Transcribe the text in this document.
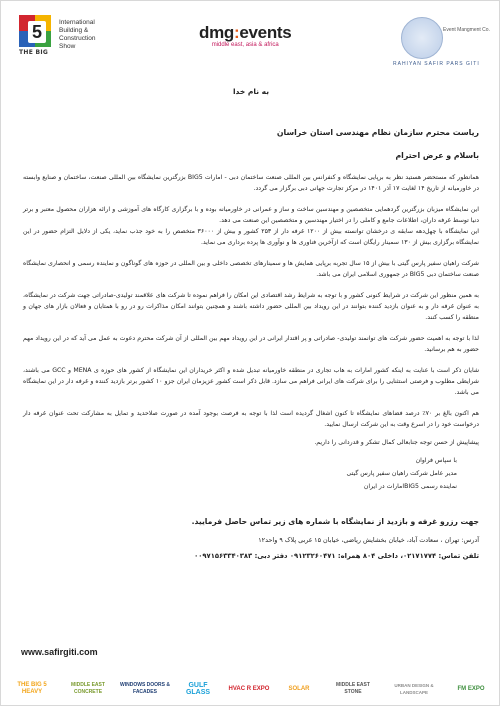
5
THE BIG
International
Building &
Construction
Show
dmg:events
middle east, asia & africa
Event Mangment Co.
RAHIYAN SAFIR PARS GITI
به نام خدا
ریاست محترم سازمان نظام مهندسی استان خراسان
باسلام و عرض احترام

همانطور که مستحضر هستید نظر به برپایی نمایشگاه و کنفرانس بین المللی صنعت ساختمان دبی - امارات BIG5 بزرگترین نمایشگاه بین المللی صنعت، ساختمان و صنایع وابسته در خاورمیانه از تاریخ ۱۴ لغایت ۱۷ آذر ۱۴۰۱ در مرکز تجارت جهانی دبی برگزار می گردد.

این نمایشگاه میزبان بزرگترین گردهمایی متخصصین و مهندسین ساخت و ساز و عمرانی در خاورمیانه بوده و با برگزاری کارگاه های آموزشی و ارائه هزاران محصول معتبر و برتر دنیا توسط غرفه داران، اطلاعات جامع و کاملی را در اختیار مهندسین و متخصصین این صنعت می دهد.

این نمایشگاه با چهل‌دهه سابقه ی درخشان توانسته بیش از ۱۲۰۰ غرفه دار از ۲۵۳ کشور و بیش از ۳۶۰۰۰ متخصص را به خود جذب نماید، یکی از دلایل التزام حضور در این نمایشگاه برگزاری بیش از ۱۳۰ سمینار رایگان است که ازآخرین فناوری ها و نوآوری ها پرده برداری می نماید.

شرکت راهیان سفیر پارس گیتی با بیش از ۱۵ سال تجربه برپایی همایش ها و سمینارهای تخصصی داخلی و بین المللی در حوزه های گوناگون و نماینده رسمی و انحصاری نمایشگاه صنعت ساختمان دبی BIG5 در جمهوری اسلامی ایران می باشد.

به همین منظور این شرکت در شرایط کنونی کشور و با توجه به شرایط رشد اقتصادی این امکان را فراهم نموده تا شرکت های علاقمند تولیدی-صادراتی جهت شرکت در نمایشگاه، به عنوان غرفه دار و به عنوان بازدید کننده بتوانند در این رویداد بین المللی حضور داشته باشند و همچنین بتوانند امکان مذاکرات رو در رو با همتایان و فعالان بازار های جهان و منطقه را کسب کنند.

لذا با توجه به اهمیت حضور شرکت های توانمند تولیدی- صادراتی و پر اقتدار ایرانی در این رویداد مهم بین المللی از آن شرکت محترم دعوت به عمل می آید که در این رویداد مهم حضور به هم برسانید.

شایان ذکر است با عنایت به اینکه کشور امارات به هاب تجاری در منطقه خاورمیانه تبدیل شده و اکثر خریداران این نمایشگاه از کشور های حوزه ی MENA و GCC می باشند، شرایطی مطلوب و فرصتی استثنایی را برای شرکت های ایرانی فراهم می سازد. قابل ذکر است کشور عزیزمان ایران جزو ۱۰ کشور برتر بازدید کننده و غرفه دار در این نمایشگاه می باشد.

هم اکنون بالغ بر ۷۰٪ درصد فضاهای نمایشگاه تا کنون اشغال گردیده است لذا با توجه به فرصت بوجود آمده در صورت صلاحدید و تمایل به مشارکت تحت عنوان غرفه دار درخواست خود را در اسرع وقت به این شرکت ارسال نمایید.

پیشاپیش از حسن توجه جنابعالی کمال تشکر و قدردانی را داریم.
با سپاس فراوان
مدیر عامل شرکت راهیان سفیر پارس گیتی
نماینده رسمی BIG5امارات در ایران
جهت رزرو غرفه و بازدید از نمایشگاه با شماره های زیر تماس حاصل فرمایید.
آدرس: تهران ، سعادت آباد، خیابان بخشایش ریاضی، خیابان ۱۵ غربی پلاک ۹ واحد۱۲
تلفن تماس: ۰۲۱۷۱۷۷۴، داخلی ۸۰۴ همراه: ۰۹۱۲۳۲۶۰۴۷۱ دفتر دبی: ۰۰۹۷۱۵۶۳۳۴۰۳۸۳
www.safirgiti.com
THE BIG 5 HEAVY
MIDDLE EAST CONCRETE
WINDOWS DOORS & FACADES
GULF GLASS
HVAC R EXPO	SOLAR
MIDDLE EAST STONE
URBAN DESIGN & LANDSCAPE
FM EXPO
